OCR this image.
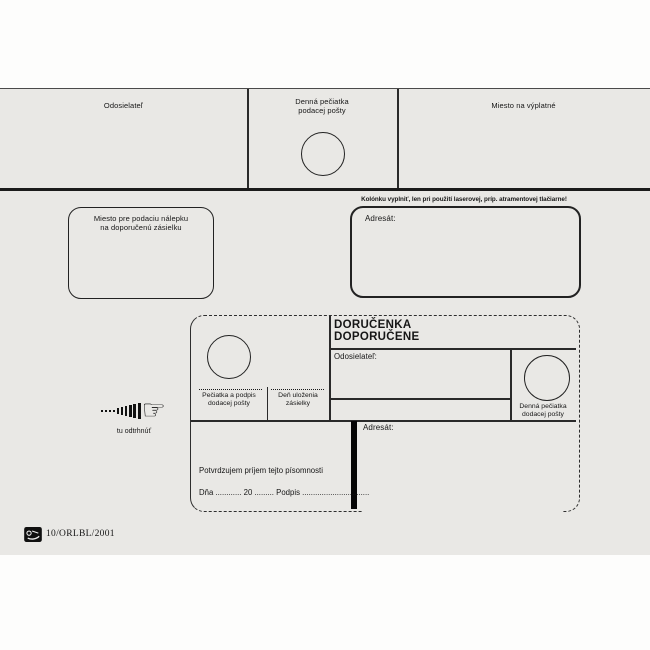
Odosielateľ	Denná pečiatka
podacej pošty
Miesto na výplatné
Miesto pre podaciu nálepku
na doporučenú zásielku
Kolónku vyplniť, len pri použití laserovej, príp. atramentovej tlačiarne!
Adresát:
DORUČENKA
DOPORUČENE
Odosielateľ:
Pečiatka a podpis
dodacej pošty
Deň uloženia
zásielky	Denná pečiatka
dodacej pošty
Adresát:
Potvrdzujem príjem tejto písomnosti
Dňa ............ 20 ......... Podpis ...............................
☞
tu odtrhnúť
10/ORLBL/2001
